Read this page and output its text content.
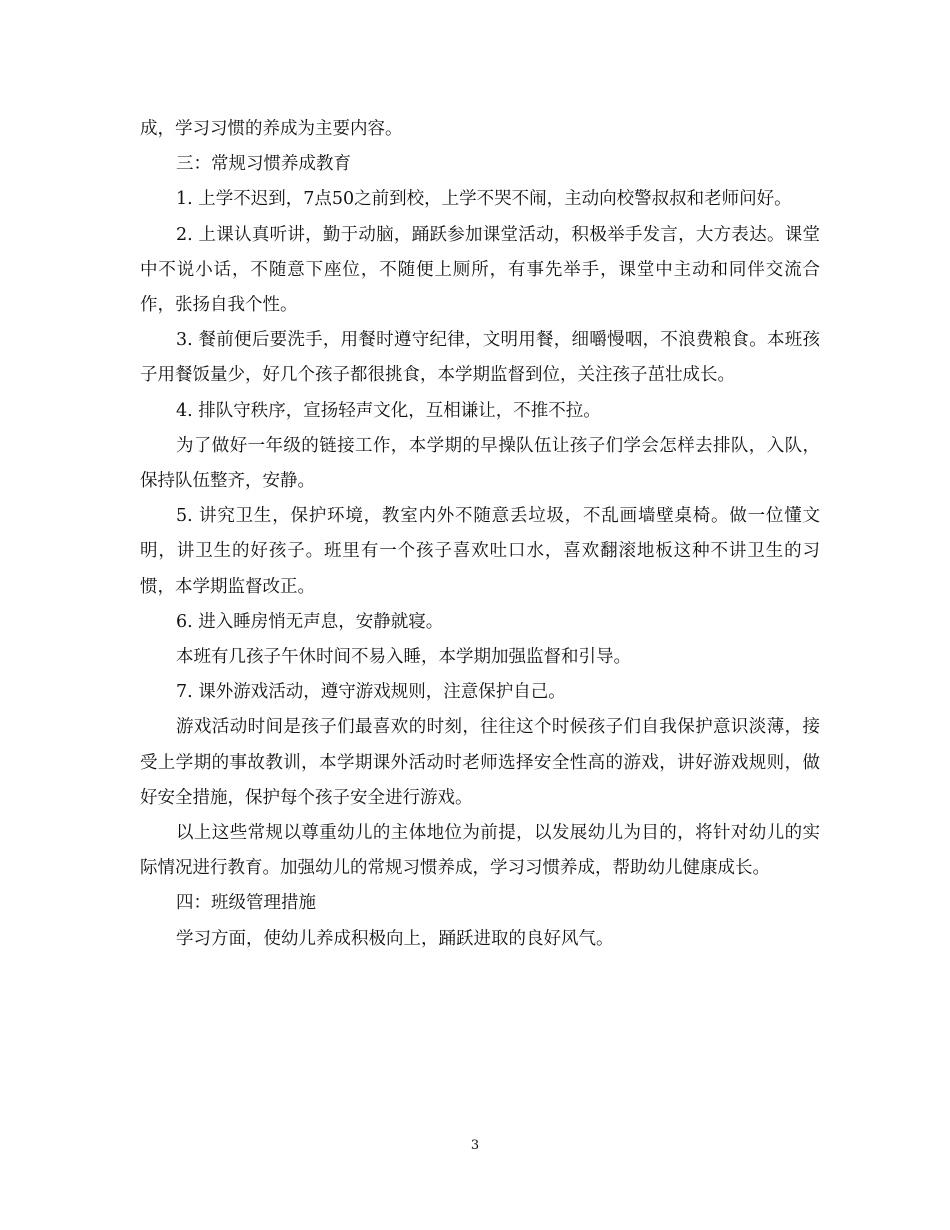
成，学习习惯的养成为主要内容。

三：常规习惯养成教育

1. 上学不迟到，7点50之前到校，上学不哭不闹，主动向校警叔叔和老师问好。

2. 上课认真听讲，勤于动脑，踊跃参加课堂活动，积极举手发言，大方表达。课堂中不说小话，不随意下座位，不随便上厕所，有事先举手，课堂中主动和同伴交流合作，张扬自我个性。

3. 餐前便后要洗手，用餐时遵守纪律，文明用餐，细嚼慢咽，不浪费粮食。本班孩子用餐饭量少，好几个孩子都很挑食，本学期监督到位，关注孩子茁壮成长。

4. 排队守秩序，宣扬轻声文化，互相谦让，不推不拉。

为了做好一年级的链接工作，本学期的早操队伍让孩子们学会怎样去排队，入队，保持队伍整齐，安静。

5. 讲究卫生，保护环境，教室内外不随意丢垃圾，不乱画墙壁桌椅。做一位懂文明，讲卫生的好孩子。班里有一个孩子喜欢吐口水，喜欢翻滚地板这种不讲卫生的习惯，本学期监督改正。

6. 进入睡房悄无声息，安静就寝。

本班有几孩子午休时间不易入睡，本学期加强监督和引导。

7. 课外游戏活动，遵守游戏规则，注意保护自己。

游戏活动时间是孩子们最喜欢的时刻，往往这个时候孩子们自我保护意识淡薄，接受上学期的事故教训，本学期课外活动时老师选择安全性高的游戏，讲好游戏规则，做好安全措施，保护每个孩子安全进行游戏。

以上这些常规以尊重幼儿的主体地位为前提，以发展幼儿为目的，将针对幼儿的实际情况进行教育。加强幼儿的常规习惯养成，学习习惯养成，帮助幼儿健康成长。

四：班级管理措施

学习方面，使幼儿养成积极向上，踊跃进取的良好风气。

3
